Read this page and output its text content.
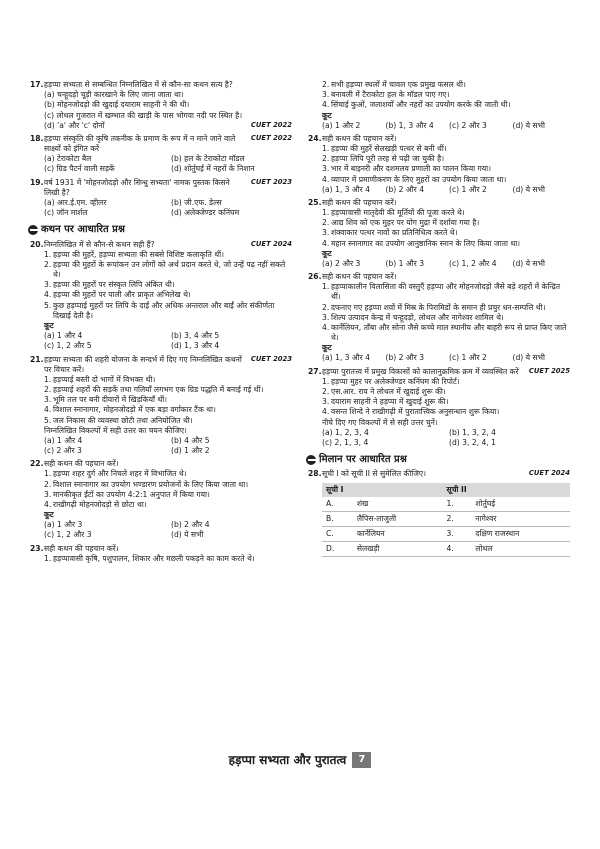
17. हड़प्पा सभ्यता से सम्बन्धित निम्नलिखित में से कौन-सा कथन सत्य है?
(a) चन्हूदड़ो चूड़ी कारखाने के लिए जाना जाता था।
(b) मोहनजोदड़ो की खुदाई दयाराम साहनी ने की थी।
(c) लोथल गुजरात में खम्भात की खाड़ी के पास भोगवा नदी पर स्थित है।
(d) 'a' और 'c' दोनों	CUET 2022
18.	CUET 2022
हड़प्पा संस्कृति की कृषि तकनीक के प्रमाण के रूप में न माने जाने वाले साक्ष्यों को इंगित करें
(a) टेराकोटा बैल	(b) हल के टेराकोटा मॉडल
(c) ग्रिड पैटर्न वाली सड़कें	(d) शोर्तुघई में नहरों के निशान
19.	CUET 2023
वर्ष 1931 में 'मोहनजोदड़ो और सिन्धु सभ्यता' नामक पुस्तक किसने लिखी है?
(a) आर.ई.एम. व्हीलर	(b) जी.एफ. डेल्स
(c) जॉन मार्शल	(d) अलेक्जेण्डर कनिंघम
कथन पर आधारित प्रश्न
20.	CUET 2024
निम्नलिखित में से कौन-से कथन सही हैं?
1. हड़प्पा की मुहरें, हड़प्पा सभ्यता की सबसे विशिष्ट कलाकृति थीं।
2. हड़प्पा की मुहरों के रूपांकन उन लोगों को अर्थ प्रदान करते थे, जो उन्हें पढ़ नहीं सकते थे।
3. हड़प्पा की मुहरों पर संस्कृत लिपि अंकित थी।
4. हड़प्पा की मुहरों पर पाली और प्राकृत अभिलेख थे।
5. कुछ हड़प्पाई मुहरों पर लिपि के दाईं और अधिक अन्तराल और बाईं ओर संकीर्णता दिखाई देती है।
कूट
(a) 1 और 4	(b) 3, 4 और 5
(c) 1, 2 और 5	(d) 1, 3 और 4
21.	CUET 2023
हड़प्पा सभ्यता की शहरी योजना के सन्दर्भ में दिए गए निम्नलिखित कथनों पर विचार करें।
1. हड़प्पाई बस्ती दो भागों में विभक्त थी।
2. हड़प्पाई शहरों की सड़कें तथा गलियाँ लगभग एक ग्रिड पद्धति में बनाई गई थीं।
3. भूमि तल पर बनी दीवारों में खिड़कियाँ थीं।
4. विशाल स्नानागार, मोहनजोदड़ो में एक बड़ा वर्गाकार टैंक था।
5. जल निकास की व्यवस्था छोटी तथा अनियोजित थी।
निम्नलिखित विकल्पों में सही उत्तर का चयन कीजिए।
(a) 1 और 4	(b) 4 और 5
(c) 2 और 3	(d) 1 और 2
22. सही कथन की पहचान करें।
1. हड़प्पा शहर दुर्ग और निचले शहर में विभाजित थे।
2. विशाल स्नानागार का उपयोग भण्डारण प्रयोजनों के लिए किया जाता था।
3. मानकीकृत ईंटों का उपयोग 4:2:1 अनुपात में किया गया।
4. राखीगढ़ी मोहनजोदड़ो से छोटा था।
कूट
(a) 1 और 3	(b) 2 और 4
(c) 1, 2 और 3	(d) ये सभी
23. सही कथन की पहचान करें।
1. हड़प्पावासी कृषि, पशुपालन, शिकार और मछली पकड़ने का काम करते थे।
2. सभी हड़प्पा स्थलों में चावल एक प्रमुख फसल थी।
3. बनावली में टैराकोटा हल के मॉडल पाए गए।
4. सिंचाई कुओं, जलाशयों और नहरों का उपयोग करके की जाती थी।
कूट
(a) 1 और 2	(b) 1, 3 और 4	(c) 2 और 3	(d) ये सभी
24. सही कथन की पहचान करें।
1. हड़प्पा की मुहरें सेलखड़ी पत्थर से बनी थीं।
2. हड़प्पा लिपि पूरी तरह से पढ़ी जा चुकी है।
3. भार में बाइनरी और दशमलव प्रणाली का पालन किया गया।
4. व्यापार में प्रमाणीकरण के लिए मुहरों का उपयोग किया जाता था।
(a) 1, 3 और 4	(b) 2 और 4	(c) 1 और 2	(d) ये सभी
25. सही कथन की पहचान करें।
1. हड़प्पावासी मातृदेवी की मूर्तियों की पूजा करते थे।
2. आद्य शिव को एक मुहर पर योग मुद्रा में दर्शाया गया है।
3. शंक्वाकार पत्थर नावों का प्रतिनिधित्व करते थे।
4. महान स्नानागार का उपयोग आनुष्ठानिक स्नान के लिए किया जाता था।
कूट
(a) 2 और 3	(b) 1 और 3	(c) 1, 2 और 4	(d) ये सभी
26. सही कथन की पहचान करें।
1. हड़प्पाकालीन विलासिता की वस्तुएँ हड़प्पा और मोहनजोदड़ो जैसे बड़े शहरों में केन्द्रित थीं।
2. दफनाए गए हड़प्पा शवों में मिस्र के पिरामिडों के समान ही प्रचुर धन-सम्पत्ति थी।
3. शिल्प उत्पादन केन्द्र में चन्हूदड़ो, लोथल और नागेश्वर शामिल थे।
4. कार्नेलियन, ताँबा और सोना जैसे कच्चे माल स्थानीय और बाहरी रूप से प्राप्त किए जाते थे।
कूट
(a) 1, 3 और 4	(b) 2 और 3	(c) 1 और 2	(d) ये सभी
27. हड़प्पा पुरातत्त्व में प्रमुख विकासों को कालानुक्रमिक क्रम में व्यवस्थित करें CUET 2025
1. हड़प्पा मुहर पर अलेक्जेण्डर कनिंघम की रिपोर्ट।
2. एस.आर. राव ने लोथल में खुदाई शुरू की।
3. दयाराम साहनी ने हड़प्पा में खुदाई शुरू की।
4. वसन्त शिन्दे ने राखीगढ़ी में पुरातात्त्विक अनुसन्धान शुरू किया।
नीचे दिए गए विकल्पों में से सही उत्तर चुनें।
(a) 1, 2, 3, 4	(b) 1, 3, 2, 4
(c) 2, 1, 3, 4	(d) 3, 2, 4, 1
मिलान पर आधारित प्रश्न
28.	CUET 2024
सूची I को सूची II से सुमेलित कीजिए।
सूची I		सूची II	
A.	शंख	1.	शोर्तुघई
B.	लैपिस-लाजुली	2.	नागेश्वर
C.	कार्नेलियन	3.	दक्षिण राजस्थान
D.	सेलखड़ी	4.	लोथल
हड़प्पा सभ्यता और पुरातत्व	7
